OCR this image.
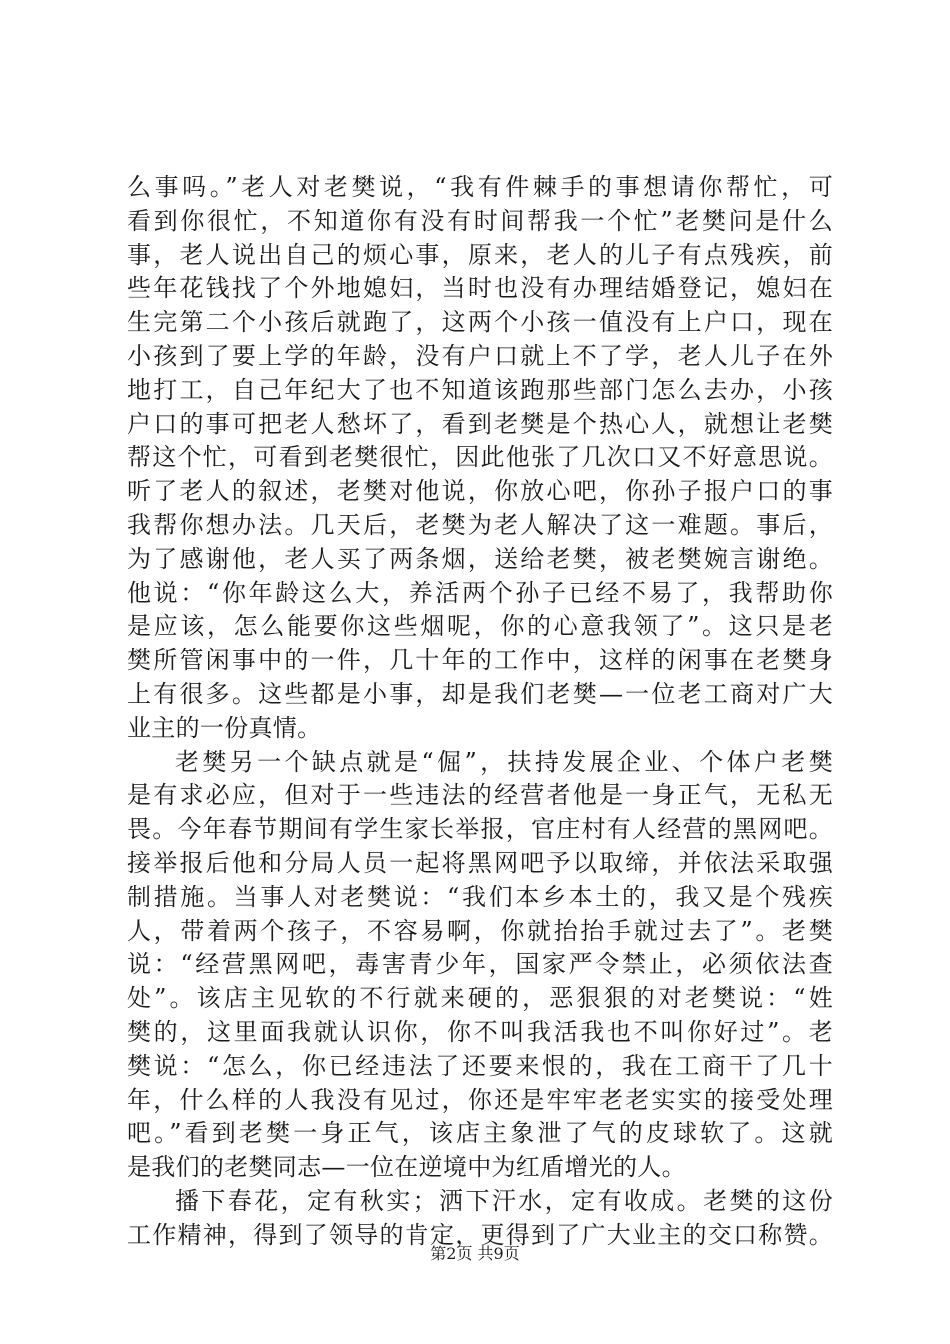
么事吗。”老人对老樊说，“我有件棘手的事想请你帮忙，可
看到你很忙，不知道你有没有时间帮我一个忙”老樊问是什么
事，老人说出自己的烦心事，原来，老人的儿子有点残疾，前
些年花钱找了个外地媳妇，当时也没有办理结婚登记，媳妇在
生完第二个小孩后就跑了，这两个小孩一值没有上户口，现在
小孩到了要上学的年龄，没有户口就上不了学，老人儿子在外
地打工，自己年纪大了也不知道该跑那些部门怎么去办，小孩
户口的事可把老人愁坏了，看到老樊是个热心人，就想让老樊
帮这个忙，可看到老樊很忙，因此他张了几次口又不好意思说。
听了老人的叙述，老樊对他说，你放心吧，你孙子报户口的事
我帮你想办法。几天后，老樊为老人解决了这一难题。事后，
为了感谢他，老人买了两条烟，送给老樊，被老樊婉言谢绝。
他说：“你年龄这么大，养活两个孙子已经不易了，我帮助你
是应该，怎么能要你这些烟呢，你的心意我领了”。这只是老
樊所管闲事中的一件，几十年的工作中，这样的闲事在老樊身
上有很多。这些都是小事，却是我们老樊—一位老工商对广大
业主的一份真情。
老樊另一个缺点就是“倔”，扶持发展企业、个体户老樊
是有求必应，但对于一些违法的经营者他是一身正气，无私无
畏。今年春节期间有学生家长举报，官庄村有人经营的黑网吧。
接举报后他和分局人员一起将黑网吧予以取缔，并依法采取强
制措施。当事人对老樊说：“我们本乡本土的，我又是个残疾
人，带着两个孩子，不容易啊，你就抬抬手就过去了”。老樊
说：“经营黑网吧，毒害青少年，国家严令禁止，必须依法查
处”。该店主见软的不行就来硬的，恶狠狠的对老樊说：“姓
樊的，这里面我就认识你，你不叫我活我也不叫你好过”。老
樊说：“怎么，你已经违法了还要来恨的，我在工商干了几十
年，什么样的人我没有见过，你还是牢牢老老实实的接受处理
吧。”看到老樊一身正气，该店主象泄了气的皮球软了。这就
是我们的老樊同志—一位在逆境中为红盾增光的人。
播下春花，定有秋实；洒下汗水，定有收成。老樊的这份
工作精神，得到了领导的肯定，更得到了广大业主的交口称赞。
第2页 共9页
